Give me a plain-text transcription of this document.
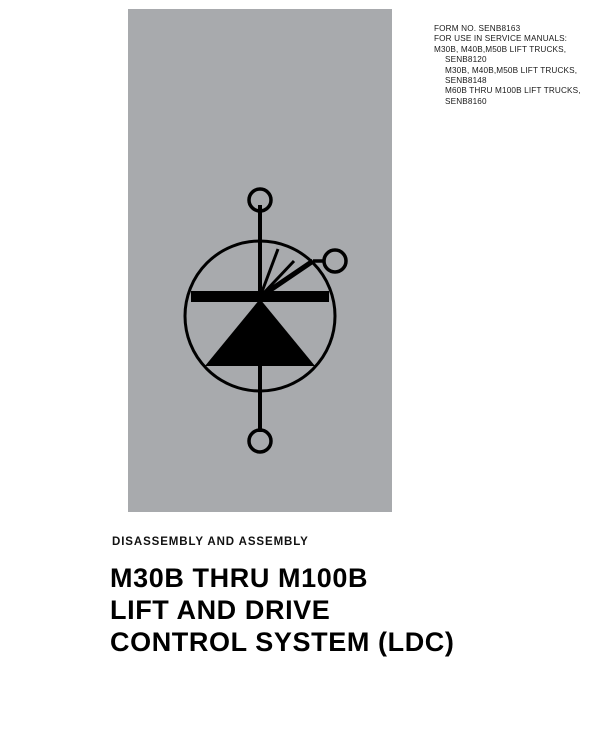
FORM NO. SENB8163
FOR USE IN SERVICE MANUALS:
M30B, M40B,M50B LIFT TRUCKS,
SENB8120
M30B, M40B,M50B LIFT TRUCKS,
SENB8148
M60B THRU M100B LIFT TRUCKS,
SENB8160
DISASSEMBLY AND ASSEMBLY
M30B THRU M100B
LIFT AND DRIVE
CONTROL SYSTEM (LDC)
